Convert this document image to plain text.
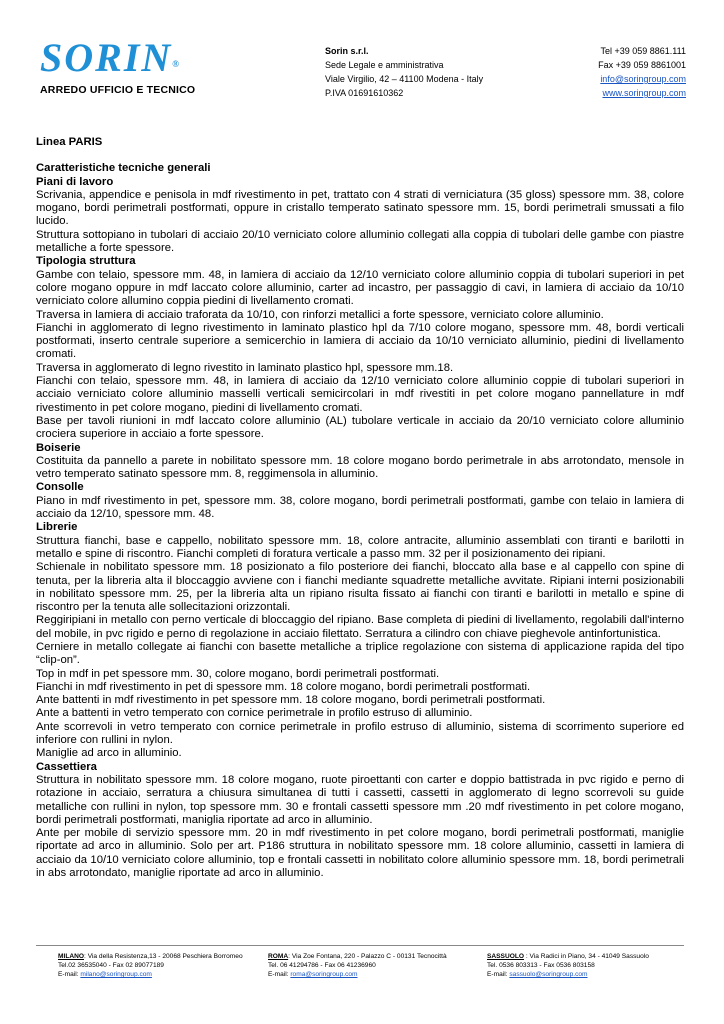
SORIN®
ARREDO UFFICIO E TECNICO
Sorin s.r.l.
Sede Legale e amministrativa
Viale Virgilio, 42 – 41100 Modena - Italy
P.IVA 01691610362
Tel +39 059 8861.111
Fax +39 059 8861001
info@soringroup.com
www.soringroup.com
Linea PARIS
Caratteristiche tecniche generali
Piani di lavoro

Scrivania, appendice e penisola in mdf rivestimento in pet, trattato con 4 strati di verniciatura (35 gloss) spessore mm. 38, colore mogano, bordi perimetrali postformati, oppure in cristallo temperato satinato spessore mm. 15, bordi perimetrali smussati a filo lucido.

Struttura sottopiano in tubolari di acciaio 20/10 verniciato colore alluminio collegati alla coppia di tubolari delle gambe con piastre metalliche a forte spessore.

Tipologia struttura

Gambe con telaio, spessore mm. 48, in lamiera di acciaio da 12/10 verniciato colore alluminio coppia di tubolari superiori in pet colore mogano oppure in mdf laccato colore alluminio, carter ad incastro, per passaggio di cavi, in lamiera di acciaio da 10/10 verniciato colore allumino coppia piedini di livellamento cromati.

Traversa in lamiera di acciaio traforata da 10/10, con rinforzi metallici a forte spessore, verniciato colore alluminio.

Fianchi in agglomerato di legno rivestimento in laminato plastico hpl da 7/10 colore mogano, spessore mm. 48, bordi verticali postformati, inserto centrale superiore a semicerchio in lamiera di acciaio da 10/10 verniciato alluminio, piedini di livellamento cromati.

Traversa in agglomerato di legno rivestito in laminato plastico hpl, spessore mm.18.

Fianchi con telaio, spessore mm. 48, in lamiera di acciaio da 12/10 verniciato colore alluminio coppie di tubolari superiori in acciaio verniciato colore alluminio masselli verticali semicircolari in mdf rivestiti in pet colore mogano pannellature in mdf rivestimento in pet colore mogano, piedini di livellamento cromati.

Base per tavoli riunioni in mdf laccato colore alluminio (AL) tubolare verticale in acciaio da 20/10 verniciato colore alluminio crociera superiore in acciaio a forte spessore.

Boiserie

Costituita da pannello a parete in nobilitato spessore mm. 18 colore mogano bordo perimetrale in abs arrotondato, mensole in vetro temperato satinato spessore mm. 8, reggimensola in alluminio.

Consolle

Piano in mdf rivestimento in pet, spessore mm. 38, colore mogano, bordi perimetrali postformati, gambe con telaio in lamiera di acciaio da 12/10, spessore mm. 48.

Librerie

Struttura fianchi, base e cappello, nobilitato spessore mm. 18, colore antracite, alluminio assemblati con tiranti e barilotti in metallo e spine di riscontro. Fianchi completi di foratura verticale a passo mm. 32 per il posizionamento dei ripiani.

Schienale in nobilitato spessore mm. 18 posizionato a filo posteriore dei fianchi, bloccato alla base e al cappello con spine di tenuta, per la libreria alta il bloccaggio avviene con i fianchi mediante squadrette metalliche avvitate. Ripiani interni posizionabili in nobilitato spessore mm. 25, per la libreria alta un ripiano risulta fissato ai fianchi con tiranti e barilotti in metallo e spine di riscontro per la tenuta alle sollecitazioni orizzontali.

Reggiripiani in metallo con perno verticale di bloccaggio del ripiano. Base completa di piedini di livellamento, regolabili dall'interno del mobile, in pvc rigido e perno di regolazione in acciaio filettato. Serratura a cilindro con chiave pieghevole antinfortunistica.

Cerniere in metallo collegate ai fianchi con basette metalliche a triplice regolazione con sistema di applicazione rapida del tipo “clip-on”.

Top in mdf in pet spessore mm. 30, colore mogano, bordi perimetrali postformati.

Fianchi in mdf rivestimento in pet di spessore mm. 18 colore mogano, bordi perimetrali postformati.

Ante battenti in mdf rivestimento in pet spessore mm. 18 colore mogano, bordi perimetrali postformati.

Ante a battenti in vetro temperato con cornice perimetrale in profilo estruso di alluminio.

Ante scorrevoli in vetro temperato con cornice perimetrale in profilo estruso di alluminio, sistema di scorrimento superiore ed inferiore con rullini in nylon.

Maniglie ad arco in alluminio.

Cassettiera

Struttura in nobilitato spessore mm. 18 colore mogano, ruote piroettanti con carter e doppio battistrada in pvc rigido e perno di rotazione in acciaio, serratura a chiusura simultanea di tutti i cassetti, cassetti in agglomerato di legno scorrevoli su guide metalliche con rullini in nylon, top spessore mm. 30 e frontali cassetti spessore mm .20 mdf rivestimento in pet colore mogano, bordi perimetrali postformati, maniglia riportate ad arco in alluminio.

Ante per mobile di servizio spessore mm. 20 in mdf rivestimento in pet colore mogano, bordi perimetrali postformati, maniglie riportate ad arco in alluminio. Solo per art. P186 struttura in nobilitato spessore mm. 18 colore alluminio, cassetti in lamiera di acciaio da 10/10 verniciato colore alluminio, top e frontali cassetti in nobilitato colore alluminio spessore mm. 18, bordi perimetrali in abs arrotondato, maniglie riportate ad arco in alluminio.

MILANO: Via della Resistenza,13 - 20068 Peschiera Borromeo
Tel.02 36535040 - Fax 02 89077189
E-mail: milano@soringroup.com
ROMA: Via Zoe Fontana, 220 - Palazzo C - 00131 Tecnocittà
Tel. 06 41294786 - Fax 06 41236960
E-mail: roma@soringroup.com
SASSUOLO : Via Radici in Piano, 34 - 41049 Sassuolo
Tel. 0536 803313 - Fax 0536 803158
E-mail: sassuolo@soringroup.com
